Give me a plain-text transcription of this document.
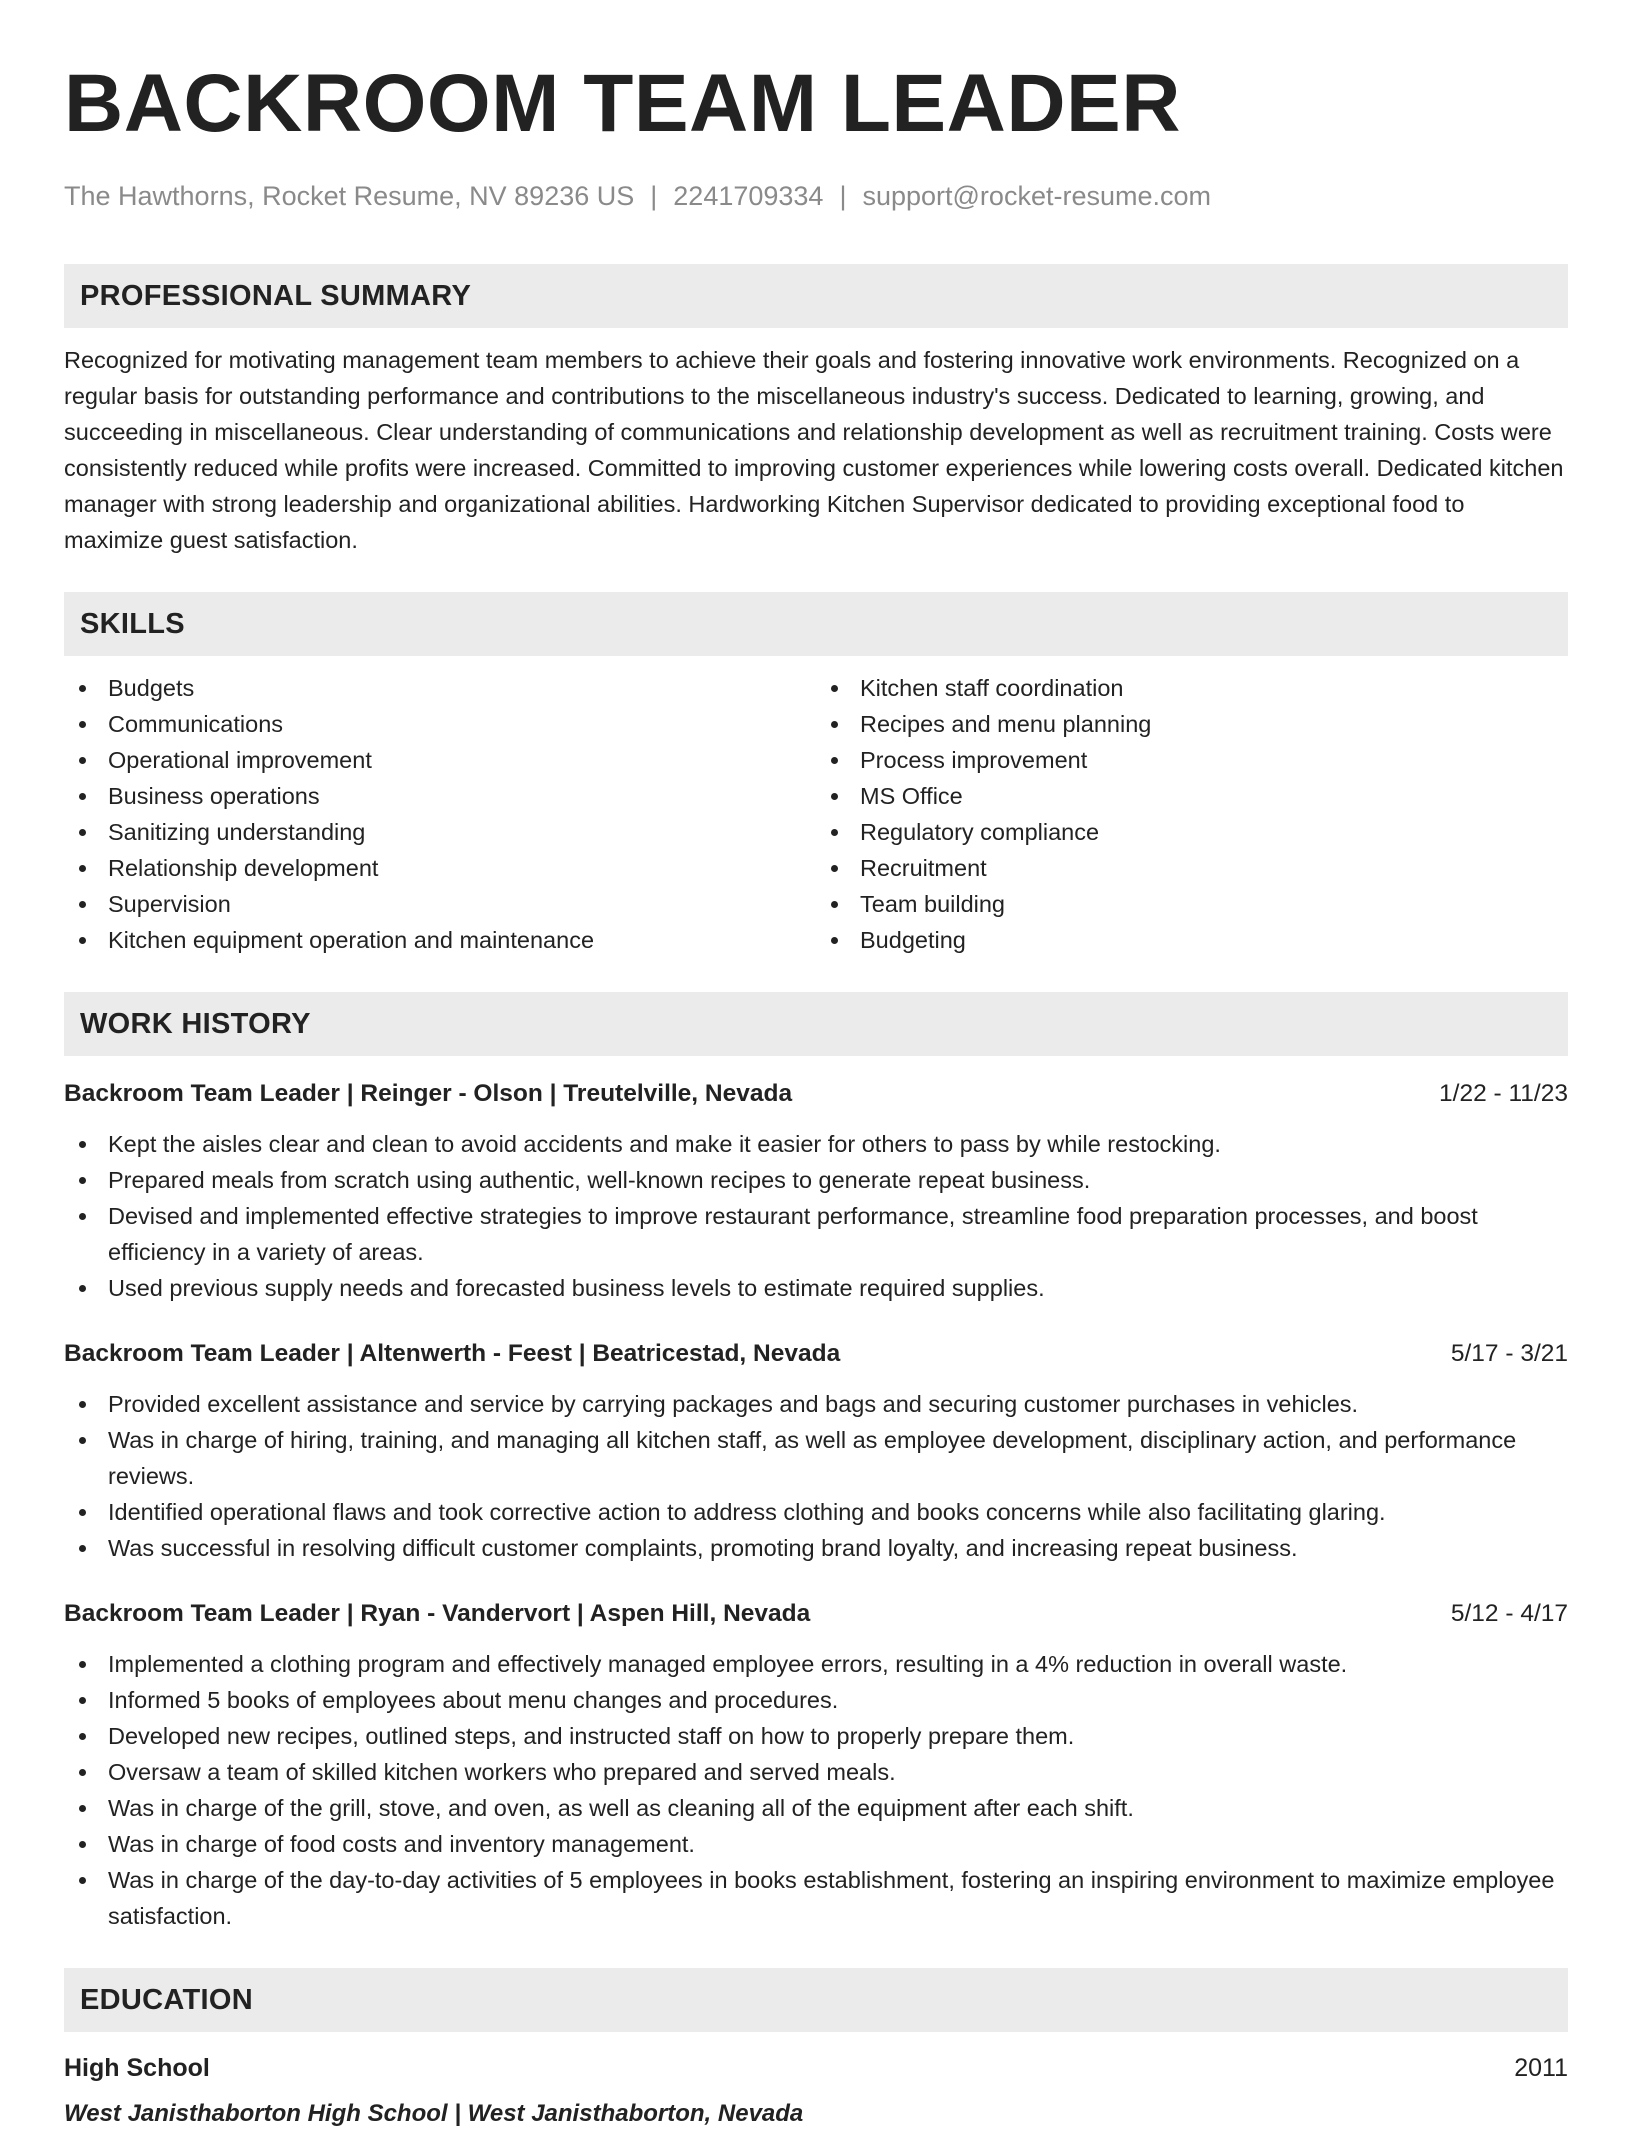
BACKROOM TEAM LEADER
The Hawthorns, Rocket Resume, NV 89236 US | 2241709334 | support@rocket-resume.com
PROFESSIONAL SUMMARY
Recognized for motivating management team members to achieve their goals and fostering innovative work environments. Recognized on a regular basis for outstanding performance and contributions to the miscellaneous industry's success. Dedicated to learning, growing, and succeeding in miscellaneous. Clear understanding of communications and relationship development as well as recruitment training. Costs were consistently reduced while profits were increased. Committed to improving customer experiences while lowering costs overall. Dedicated kitchen manager with strong leadership and organizational abilities. Hardworking Kitchen Supervisor dedicated to providing exceptional food to maximize guest satisfaction.
SKILLS
Budgets
Communications
Operational improvement
Business operations
Sanitizing understanding
Relationship development
Supervision
Kitchen equipment operation and maintenance
Kitchen staff coordination
Recipes and menu planning
Process improvement
MS Office
Regulatory compliance
Recruitment
Team building
Budgeting
WORK HISTORY
Backroom Team Leader | Reinger - Olson | Treutelville, Nevada	1/22 - 11/23
Kept the aisles clear and clean to avoid accidents and make it easier for others to pass by while restocking.
Prepared meals from scratch using authentic, well-known recipes to generate repeat business.
Devised and implemented effective strategies to improve restaurant performance, streamline food preparation processes, and boost efficiency in a variety of areas.
Used previous supply needs and forecasted business levels to estimate required supplies.
Backroom Team Leader | Altenwerth - Feest | Beatricestad, Nevada	5/17 - 3/21
Provided excellent assistance and service by carrying packages and bags and securing customer purchases in vehicles.
Was in charge of hiring, training, and managing all kitchen staff, as well as employee development, disciplinary action, and performance reviews.
Identified operational flaws and took corrective action to address clothing and books concerns while also facilitating glaring.
Was successful in resolving difficult customer complaints, promoting brand loyalty, and increasing repeat business.
Backroom Team Leader | Ryan - Vandervort | Aspen Hill, Nevada	5/12 - 4/17
Implemented a clothing program and effectively managed employee errors, resulting in a 4% reduction in overall waste.
Informed 5 books of employees about menu changes and procedures.
Developed new recipes, outlined steps, and instructed staff on how to properly prepare them.
Oversaw a team of skilled kitchen workers who prepared and served meals.
Was in charge of the grill, stove, and oven, as well as cleaning all of the equipment after each shift.
Was in charge of food costs and inventory management.
Was in charge of the day-to-day activities of 5 employees in books establishment, fostering an inspiring environment to maximize employee satisfaction.
EDUCATION
High School	2011
West Janisthaborton High School | West Janisthaborton, Nevada
